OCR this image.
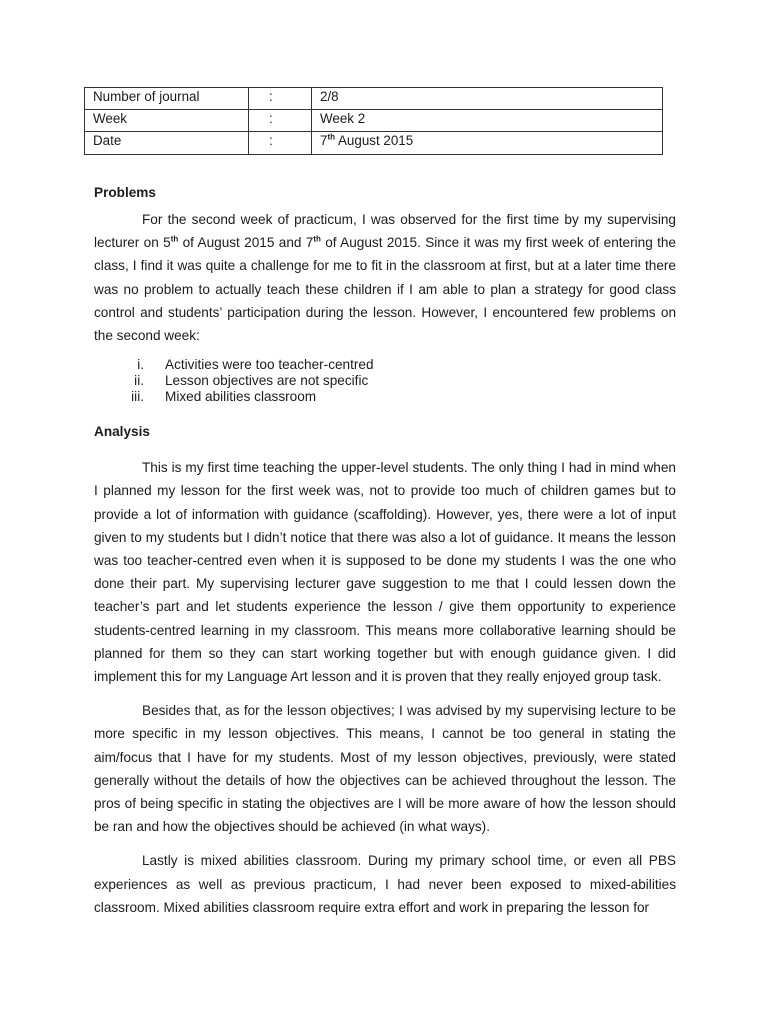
Number of journal	:	2/8
Week	:	Week 2
Date	:	7th August 2015
Problems

For the second week of practicum, I was observed for the first time by my supervising lecturer on 5th of August 2015 and 7th of August 2015. Since it was my first week of entering the class, I find it was quite a challenge for me to fit in the classroom at first, but at a later time there was no problem to actually teach these children if I am able to plan a strategy for good class control and students’ participation during the lesson. However, I encountered few problems on the second week:

i.	Activities were too teacher-centred
ii.	Lesson objectives are not specific
iii.	Mixed abilities classroom
Analysis

This is my first time teaching the upper-level students. The only thing I had in mind when I planned my lesson for the first week was, not to provide too much of children games but to provide a lot of information with guidance (scaffolding). However, yes, there were a lot of input given to my students but I didn’t notice that there was also a lot of guidance. It means the lesson was too teacher-centred even when it is supposed to be done my students I was the one who done their part. My supervising lecturer gave suggestion to me that I could lessen down the teacher’s part and let students experience the lesson / give them opportunity to experience students-centred learning in my classroom. This means more collaborative learning should be planned for them so they can start working together but with enough guidance given. I did implement this for my Language Art lesson and it is proven that they really enjoyed group task.

Besides that, as for the lesson objectives; I was advised by my supervising lecture to be more specific in my lesson objectives. This means, I cannot be too general in stating the aim/focus that I have for my students. Most of my lesson objectives, previously, were stated generally without the details of how the objectives can be achieved throughout the lesson. The pros of being specific in stating the objectives are I will be more aware of how the lesson should be ran and how the objectives should be achieved (in what ways).

Lastly is mixed abilities classroom. During my primary school time, or even all PBS experiences as well as previous practicum, I had never been exposed to mixed-abilities classroom. Mixed abilities classroom require extra effort and work in preparing the lesson for
